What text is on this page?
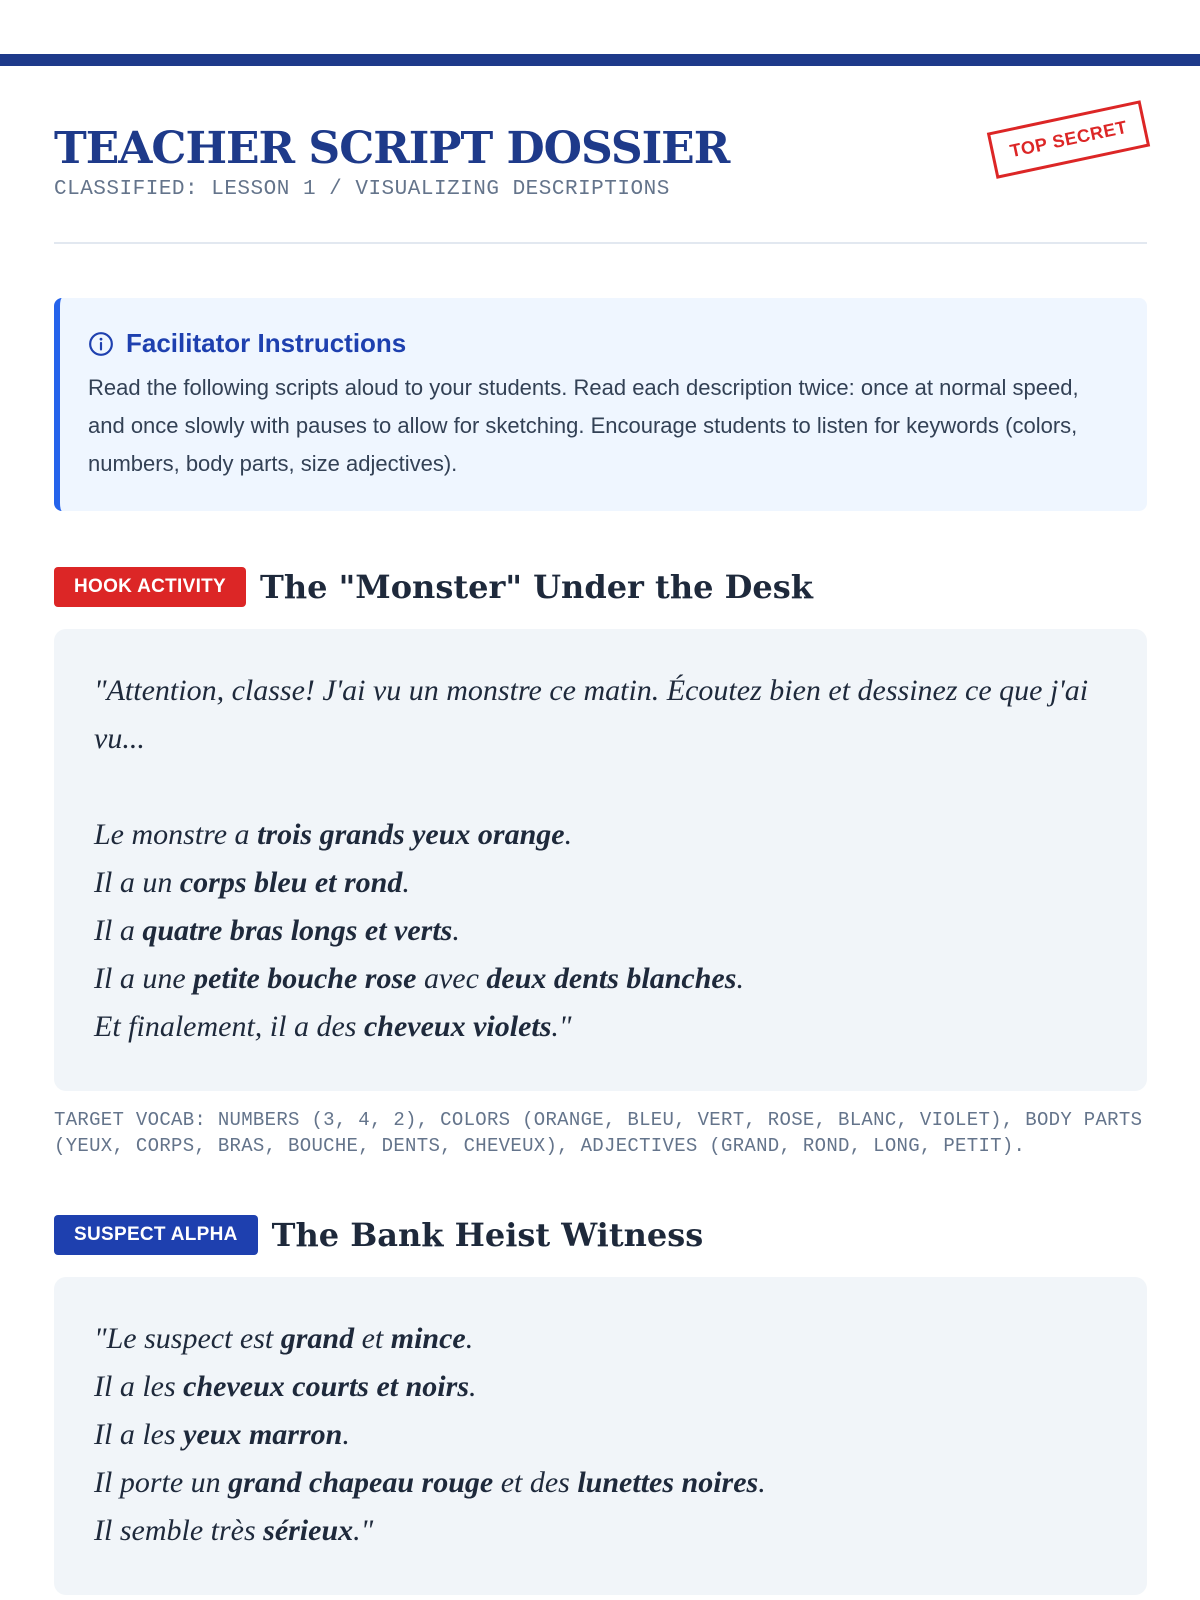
TEACHER SCRIPT DOSSIER
CLASSIFIED: LESSON 1 / VISUALIZING DESCRIPTIONS
TOP SECRET
Facilitator Instructions
Read the following scripts aloud to your students. Read each description twice: once at normal speed, and once slowly with pauses to allow for sketching. Encourage students to listen for keywords (colors, numbers, body parts, size adjectives).
HOOK ACTIVITY	The "Monster" Under the Desk
"Attention, classe! J'ai vu un monstre ce matin. Écoutez bien et dessinez ce que j'ai vu...
Le monstre a trois grands yeux orange.
Il a un corps bleu et rond.
Il a quatre bras longs et verts.
Il a une petite bouche rose avec deux dents blanches.
Et finalement, il a des cheveux violets."
TARGET VOCAB: NUMBERS (3, 4, 2), COLORS (ORANGE, BLEU, VERT, ROSE, BLANC, VIOLET), BODY PARTS (YEUX, CORPS, BRAS, BOUCHE, DENTS, CHEVEUX), ADJECTIVES (GRAND, ROND, LONG, PETIT).
SUSPECT ALPHA	The Bank Heist Witness
"Le suspect est grand et mince.
Il a les cheveux courts et noirs.
Il a les yeux marron.
Il porte un grand chapeau rouge et des lunettes noires.
Il semble très sérieux."
